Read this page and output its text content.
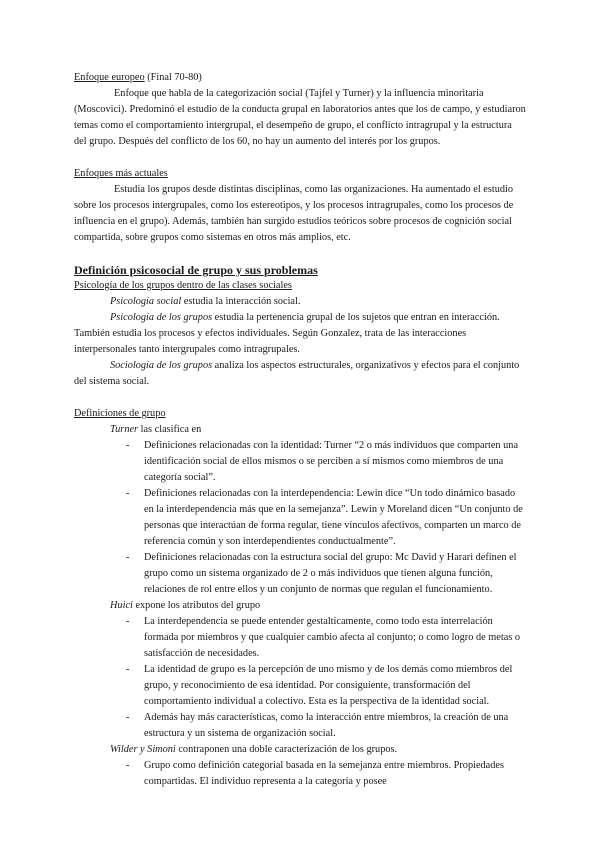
Enfoque europeo (Final 70-80)

Enfoque que habla de la categorización social (Tajfel y Turner) y la influencia minoritaria (Moscovici). Predominó el estudio de la conducta grupal en laboratorios antes que los de campo, y estudiaron temas como el comportamiento intergrupal, el desempeño de grupo, el conflicto intragrupal y la estructura del grupo. Después del conflicto de los 60, no hay un aumento del interés por los grupos.

Enfoques más actuales

Estudia los grupos desde distintas disciplinas, como las organizaciones. Ha aumentado el estudio sobre los procesos intergrupales, como los estereotipos, y los procesos intragrupales, como los procesos de influencia en el grupo). Además, también han surgido estudios teóricos sobre procesos de cognición social compartida, sobre grupos como sistemas en otros más amplios, etc.

Definición psicosocial de grupo y sus problemas

Psicología de los grupos dentro de las clases sociales

Psicología social estudia la interacción social.

Psicología de los grupos estudia la pertenencia grupal de los sujetos que entran en interacción. También estudia los procesos y efectos individuales. Según Gonzalez, trata de las interacciones interpersonales tanto intergrupales como intragrupales.

Sociología de los grupos analiza los aspectos estructurales, organizativos y efectos para el conjunto del sistema social.

Definiciones de grupo

Turner las clasifica en

- Definiciones relacionadas con la identidad: Turner “2 o más individuos que comparten una identificación social de ellos mismos o se perciben a sí mismos como miembros de una categoría social”.
- Definiciones relacionadas con la interdependencia: Lewin dice “Un todo dinámico basado en la interdependencia más que en la semejanza”. Lewin y Moreland dicen “Un conjunto de personas que interactúan de forma regular, tiene vínculos afectivos, comparten un marco de referencia común y son interdependientes conductualmente”.
- Definiciones relacionadas con la estructura social del grupo: Mc David y Harari definen el grupo como un sistema organizado de 2 o más individuos que tienen alguna función, relaciones de rol entre ellos y un conjunto de normas que regulan el funcionamiento.

Huici expone los atributos del grupo

- La interdependencia se puede entender gestalticamente, como todo esta interrelación formada por miembros y que cualquier cambio afecta al conjunto; o como logro de metas o satisfacción de necesidades.
- La identidad de grupo es la percepción de uno mismo y de los demás como miembros del grupo, y reconocimiento de esa identidad. Por consiguiente, transformación del comportamiento individual a colectivo. Esta es la perspectiva de la identidad social.
- Además hay más características, como la interacción entre miembros, la creación de una estructura y un sistema de organización social.

Wilder y Simoni contraponen una doble caracterización de los grupos.

- Grupo como definición categorial basada en la semejanza entre miembros. Propiedades compartidas. El individuo representa a la categoría y posee
